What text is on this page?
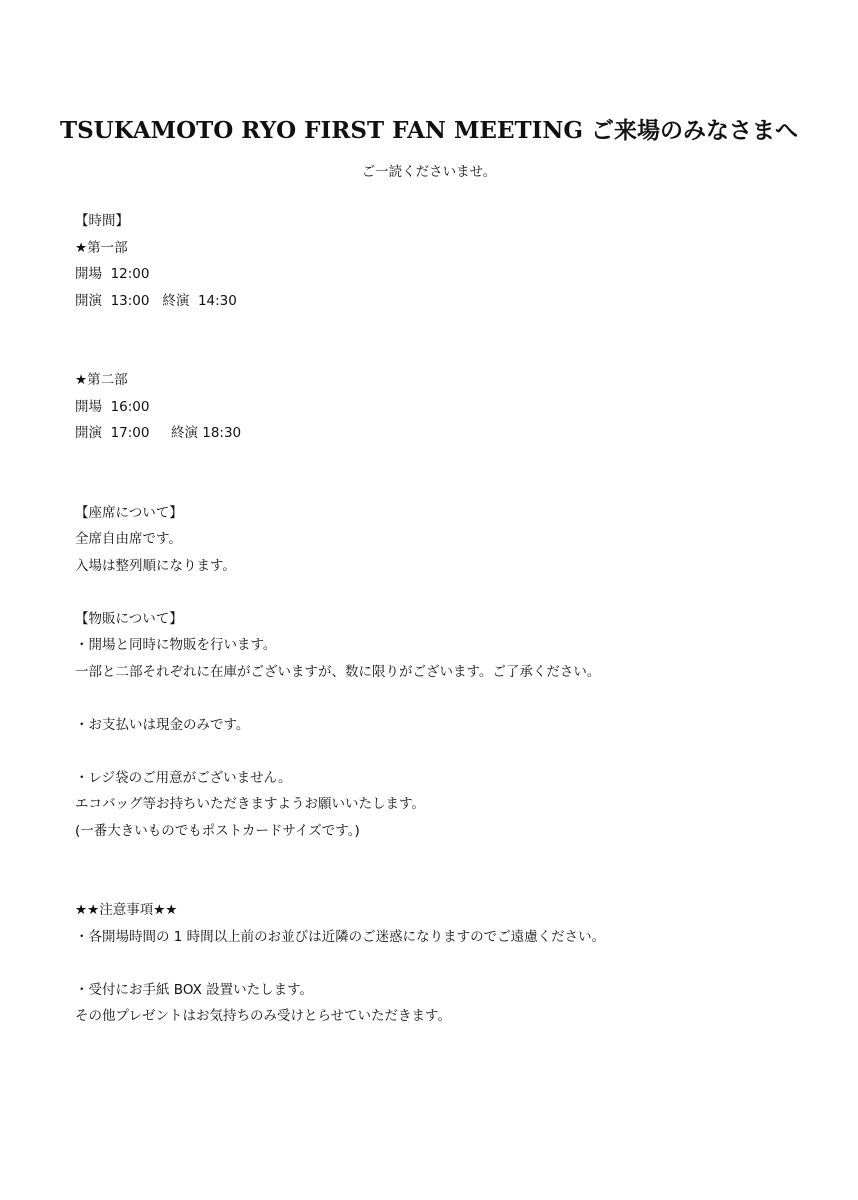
TSUKAMOTO RYO FIRST FAN MEETING ご来場のみなさまへ
ご一読くださいませ。
【時間】
★第一部
開場  12:00
開演  13:00   終演  14:30
★第二部
開場  16:00
開演  17:00     終演 18:30
【座席について】
全席自由席です。
入場は整列順になります。
【物販について】
・開場と同時に物販を行います。
一部と二部それぞれに在庫がございますが、数に限りがございます。ご了承ください。
・お支払いは現金のみです。
・レジ袋のご用意がございません。
エコバッグ等お持ちいただきますようお願いいたします。
(一番大きいものでもポストカードサイズです。)
★★注意事項★★
・各開場時間の 1 時間以上前のお並びは近隣のご迷惑になりますのでご遠慮ください。
・受付にお手紙 BOX 設置いたします。
その他プレゼントはお気持ちのみ受けとらせていただきます。
